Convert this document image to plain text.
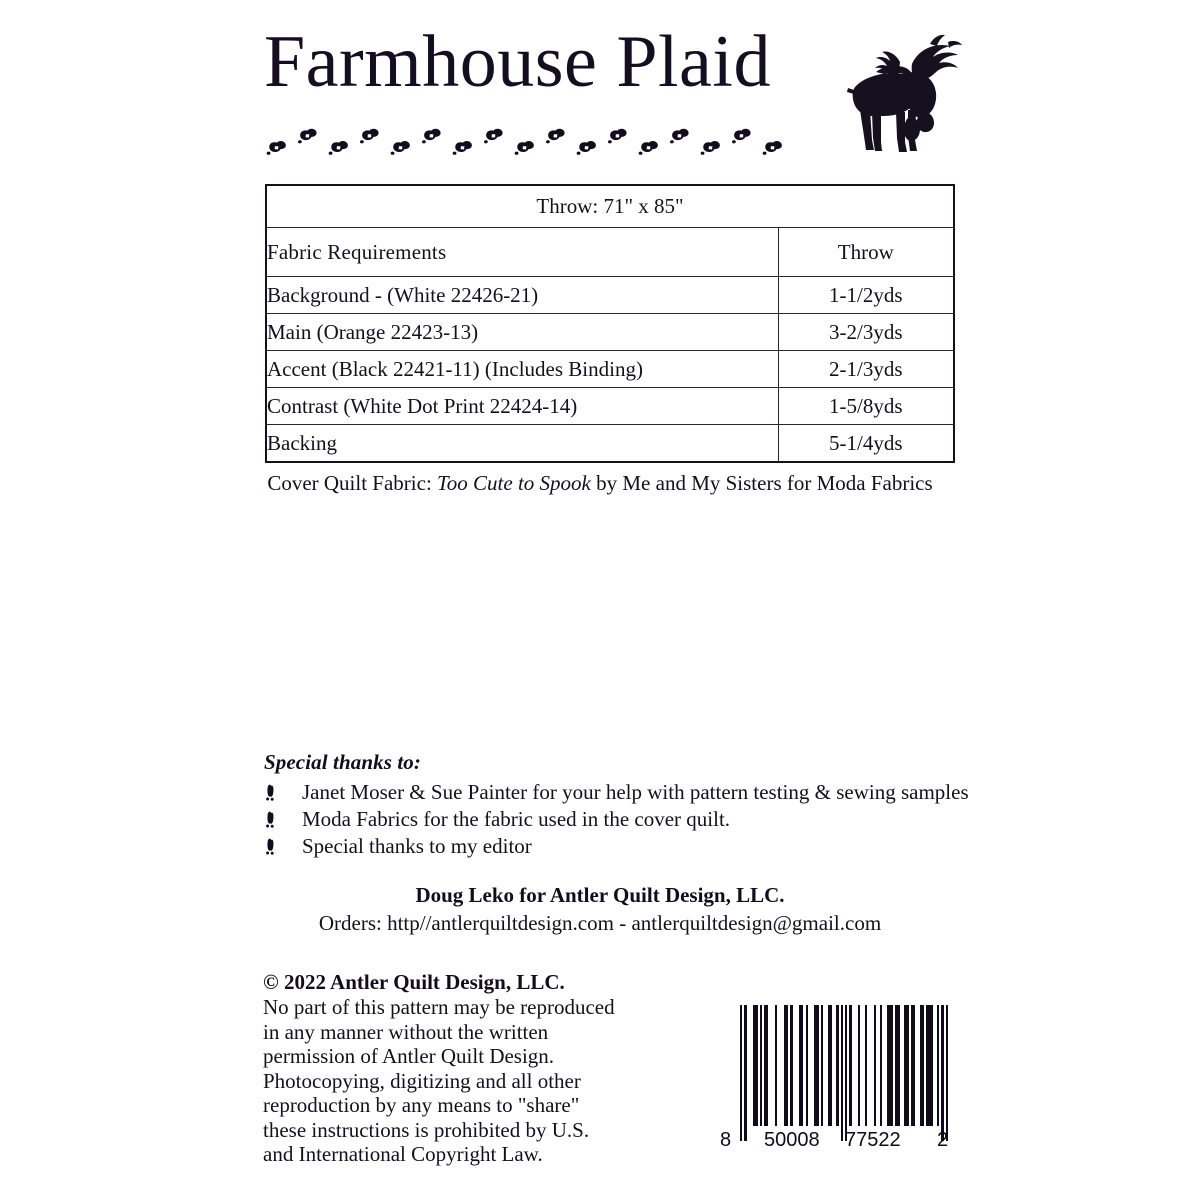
Farmhouse Plaid
Throw: 71" x 85"	
Fabric Requirements	Throw
Background - (White 22426-21)	1-1/2yds
Main (Orange 22423-13)	3-2/3yds
Accent (Black 22421-11) (Includes Binding)	2-1/3yds
Contrast (White Dot Print 22424-14)	1-5/8yds
Backing	5-1/4yds
Cover Quilt Fabric: Too Cute to Spook by Me and My Sisters for Moda Fabrics
Special thanks to:
Janet Moser & Sue Painter for your help with pattern testing & sewing samples
Moda Fabrics for the fabric used in the cover quilt.
Special thanks to my editor
Doug Leko for Antler Quilt Design, LLC.
Orders: http//antlerquiltdesign.com - antlerquiltdesign@gmail.com
© 2022 Antler Quilt Design, LLC.
No part of this pattern may be reproduced
in any manner without the written
permission of Antler Quilt Design.
Photocopying, digitizing and all other
reproduction by any means to "share"
these instructions is prohibited by U.S.
and International Copyright Law.
8 50008 77522 2
